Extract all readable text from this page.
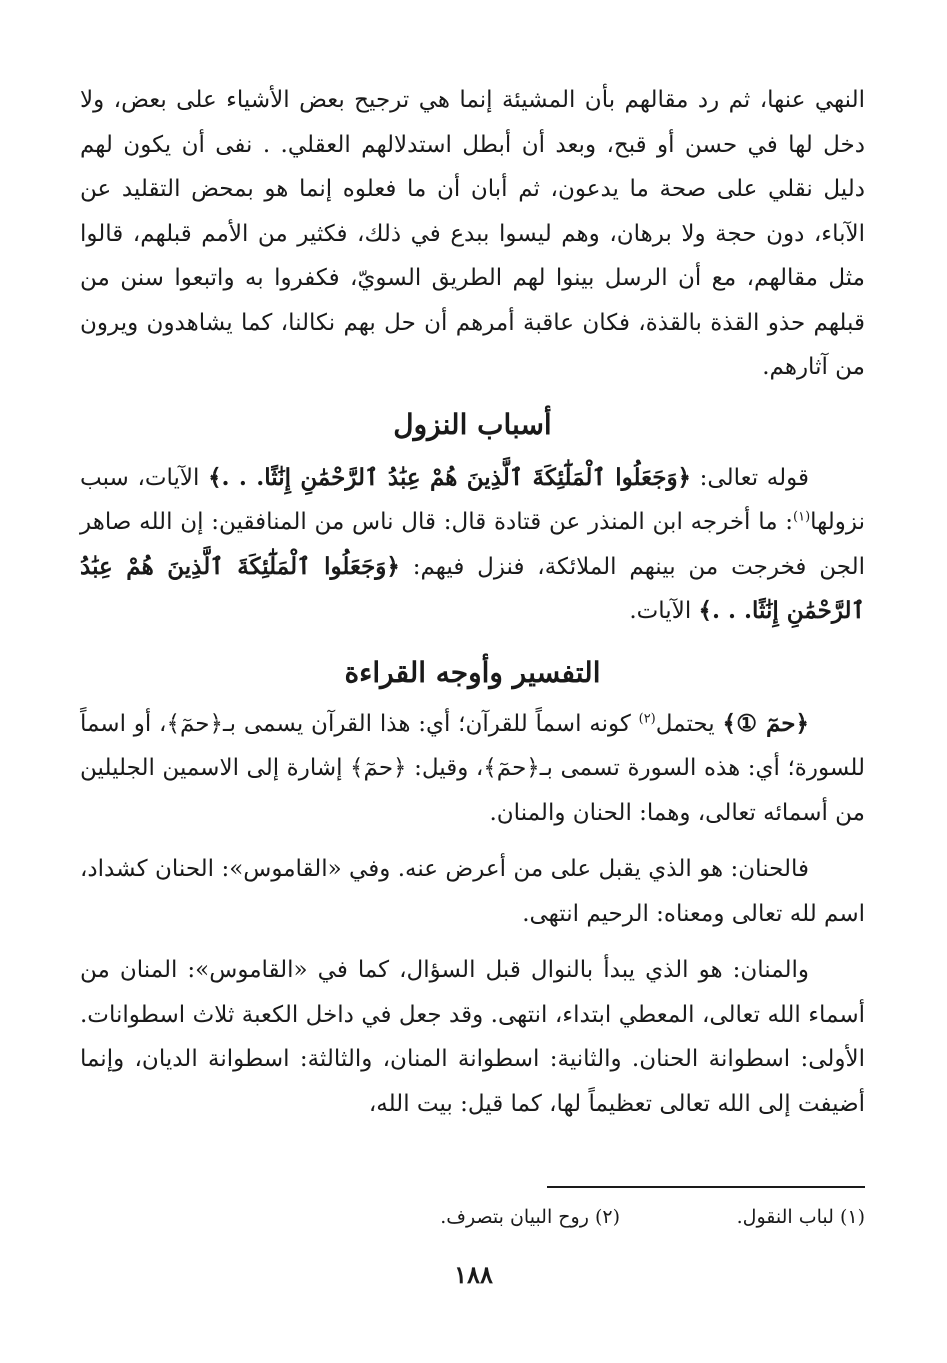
النهي عنها، ثم رد مقالهم بأن المشيئة إنما هي ترجيح بعض الأشياء على بعض، ولا دخل لها في حسن أو قبح، وبعد أن أبطل استدلالهم العقلي. . نفى أن يكون لهم دليل نقلي على صحة ما يدعون، ثم أبان أن ما فعلوه إنما هو بمحض التقليد عن الآباء، دون حجة ولا برهان، وهم ليسوا ببدع في ذلك، فكثير من الأمم قبلهم، قالوا مثل مقالهم، مع أن الرسل بينوا لهم الطريق السويّ، فكفروا به واتبعوا سنن من قبلهم حذو القذة بالقذة، فكان عاقبة أمرهم أن حل بهم نكالنا، كما يشاهدون ويرون من آثارهم.

أسباب النزول

قوله تعالى: ﴿وَجَعَلُوا ٱلْمَلَٰٓئِكَةَ ٱلَّذِينَ هُمْ عِبَٰدُ ٱلرَّحْمَٰنِ إِنَٰثًا. . .﴾ الآيات، سبب نزولها$^{(١)}$: ما أخرجه ابن المنذر عن قتادة قال: قال ناس من المنافقين: إن الله صاهر الجن فخرجت من بينهم الملائكة، فنزل فيهم: ﴿وَجَعَلُوا ٱلْمَلَٰٓئِكَةَ ٱلَّذِينَ هُمْ عِبَٰدُ ٱلرَّحْمَٰنِ إِنَٰثًا. . .﴾ الآيات.

التفسير وأوجه القراءة

﴿حمٓ ①﴾ يحتمل$^{(٢)}$ كونه اسماً للقرآن؛ أي: هذا القرآن يسمى بـ﴿حمٓ﴾، أو اسماً للسورة؛ أي: هذه السورة تسمى بـ﴿حمٓ﴾، وقيل: ﴿حمٓ﴾ إشارة إلى الاسمين الجليلين من أسمائه تعالى، وهما: الحنان والمنان.

فالحنان: هو الذي يقبل على من أعرض عنه. وفي «القاموس»: الحنان كشداد، اسم لله تعالى ومعناه: الرحيم انتهى.

والمنان: هو الذي يبدأ بالنوال قبل السؤال، كما في «القاموس»: المنان من أسماء الله تعالى، المعطي ابتداء، انتهى. وقد جعل في داخل الكعبة ثلاث اسطوانات. الأولى: اسطوانة الحنان. والثانية: اسطوانة المنان، والثالثة: اسطوانة الديان، وإنما أضيفت إلى الله تعالى تعظيماً لها، كما قيل: بيت الله،

(١) لباب النقول.
(٢) روح البيان بتصرف.
١٨٨
